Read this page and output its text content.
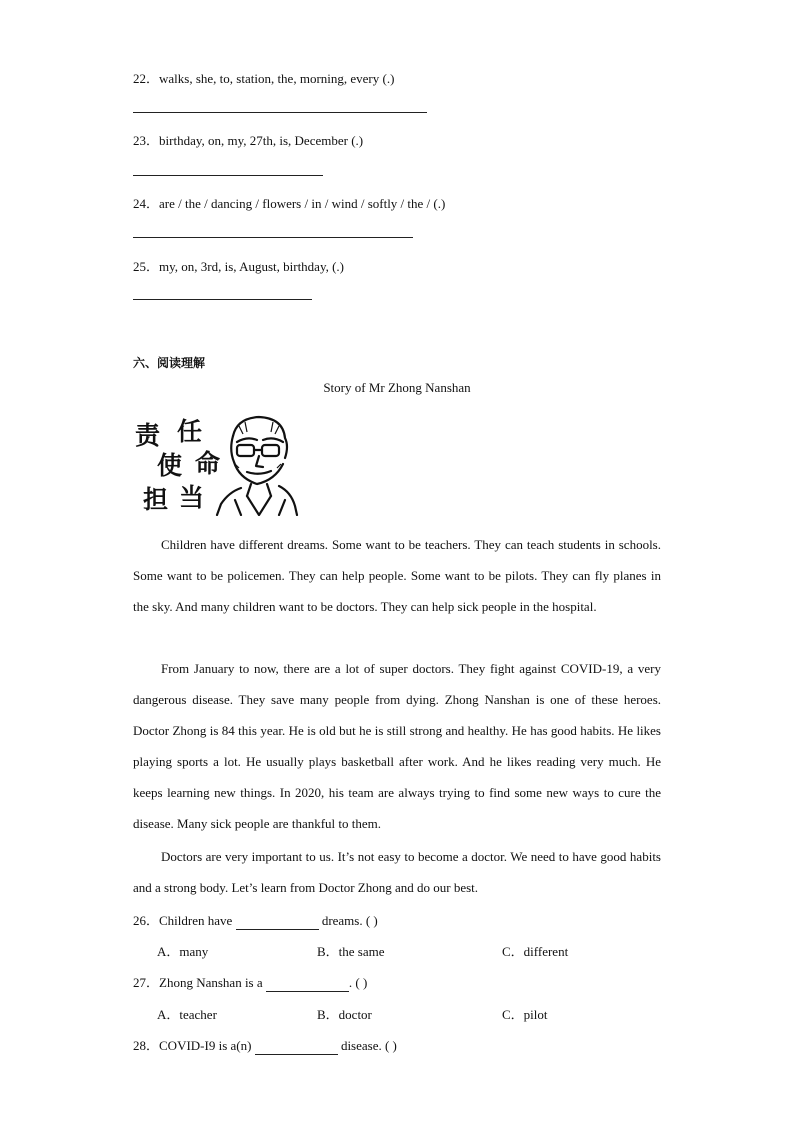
22．walks, she, to, station, the, morning, every (.)
23．birthday, on, my, 27th, is, December (.)
24．are / the / dancing / flowers / in / wind / softly / the / (.)
25．my, on, 3rd, is, August, birthday, (.)
六、阅读理解
Story of Mr Zhong Nanshan
责 任
使 命
担 当
Children have different dreams. Some want to be teachers. They can teach students in schools. Some want to be policemen. They can help people. Some want to be pilots. They can fly planes in the sky. And many children want to be doctors. They can help sick people in the hospital.
From January to now, there are a lot of super doctors. They fight against COVID-19, a very dangerous disease. They save many people from dying. Zhong Nanshan is one of these heroes. Doctor Zhong is 84 this year. He is old but he is still strong and healthy. He has good habits. He likes playing sports a lot. He usually plays basketball after work. And he likes reading very much. He keeps learning new things. In 2020, his team are always trying to find some new ways to cure the disease. Many sick people are thankful to them.
Doctors are very important to us. It’s not easy to become a doctor. We need to have good habits and a strong body. Let’s learn from Doctor Zhong and do our best.
26．Children have	dreams. ( )
A．many	B．the same	C．different
27．Zhong Nanshan is a	. ( )
A．teacher	B．doctor	C．pilot
28．COVID-I9 is a(n)	disease. ( )
